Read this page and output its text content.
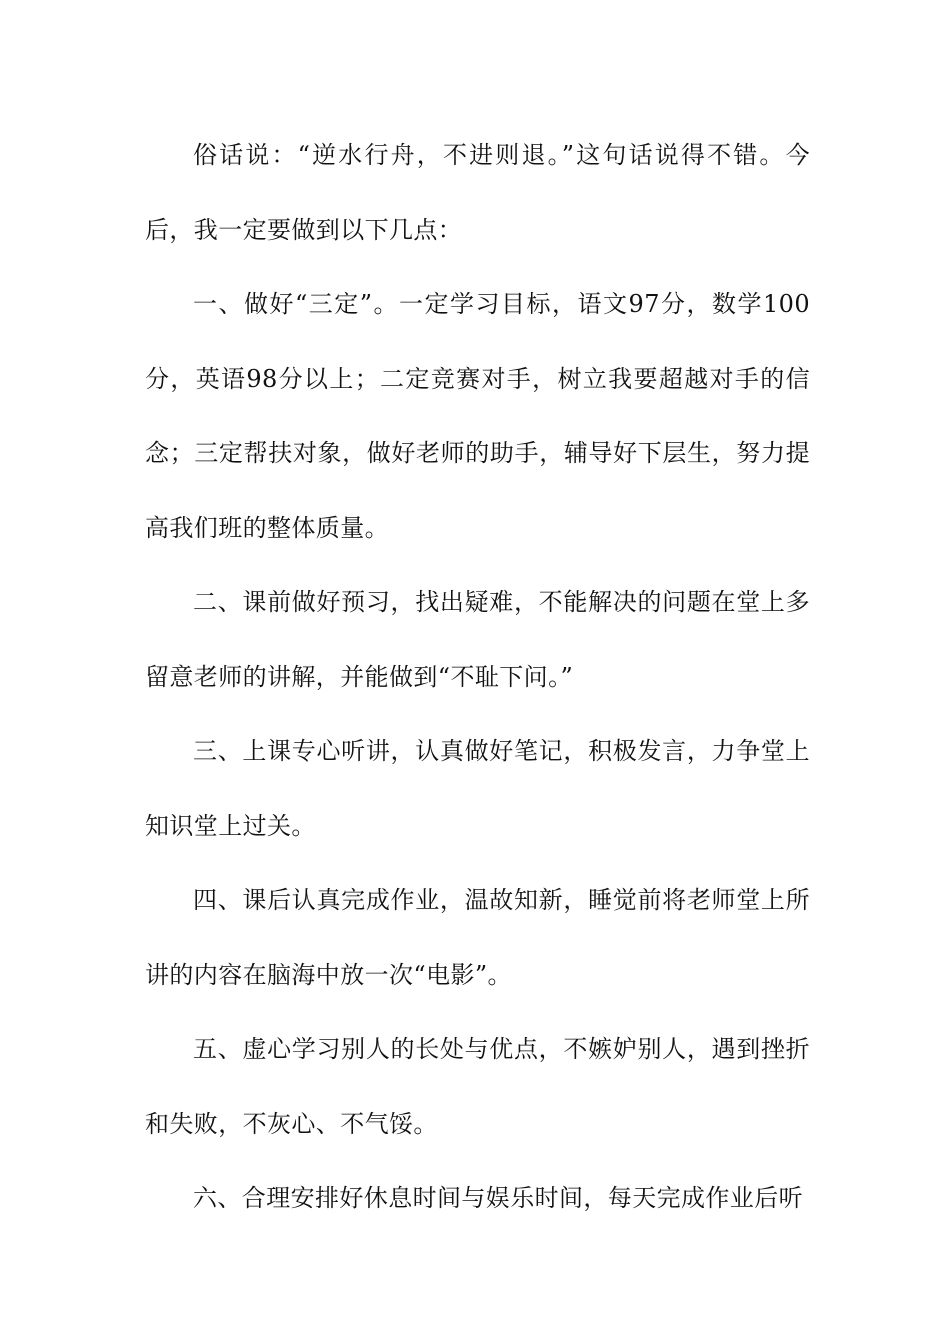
俗话说：“逆水行舟，不进则退。”这句话说得不错。今后，我一定要做到以下几点：

一、做好“三定”。一定学习目标，语文97分，数学100分，英语98分以上；二定竞赛对手，树立我要超越对手的信念；三定帮扶对象，做好老师的助手，辅导好下层生，努力提高我们班的整体质量。

二、课前做好预习，找出疑难，不能解决的问题在堂上多留意老师的讲解，并能做到“不耻下问。”

三、上课专心听讲，认真做好笔记，积极发言，力争堂上知识堂上过关。

四、课后认真完成作业，温故知新，睡觉前将老师堂上所讲的内容在脑海中放一次“电影”。

五、虚心学习别人的长处与优点，不嫉妒别人，遇到挫折和失败，不灰心、不气馁。

六、合理安排好休息时间与娱乐时间，每天完成作业后听
